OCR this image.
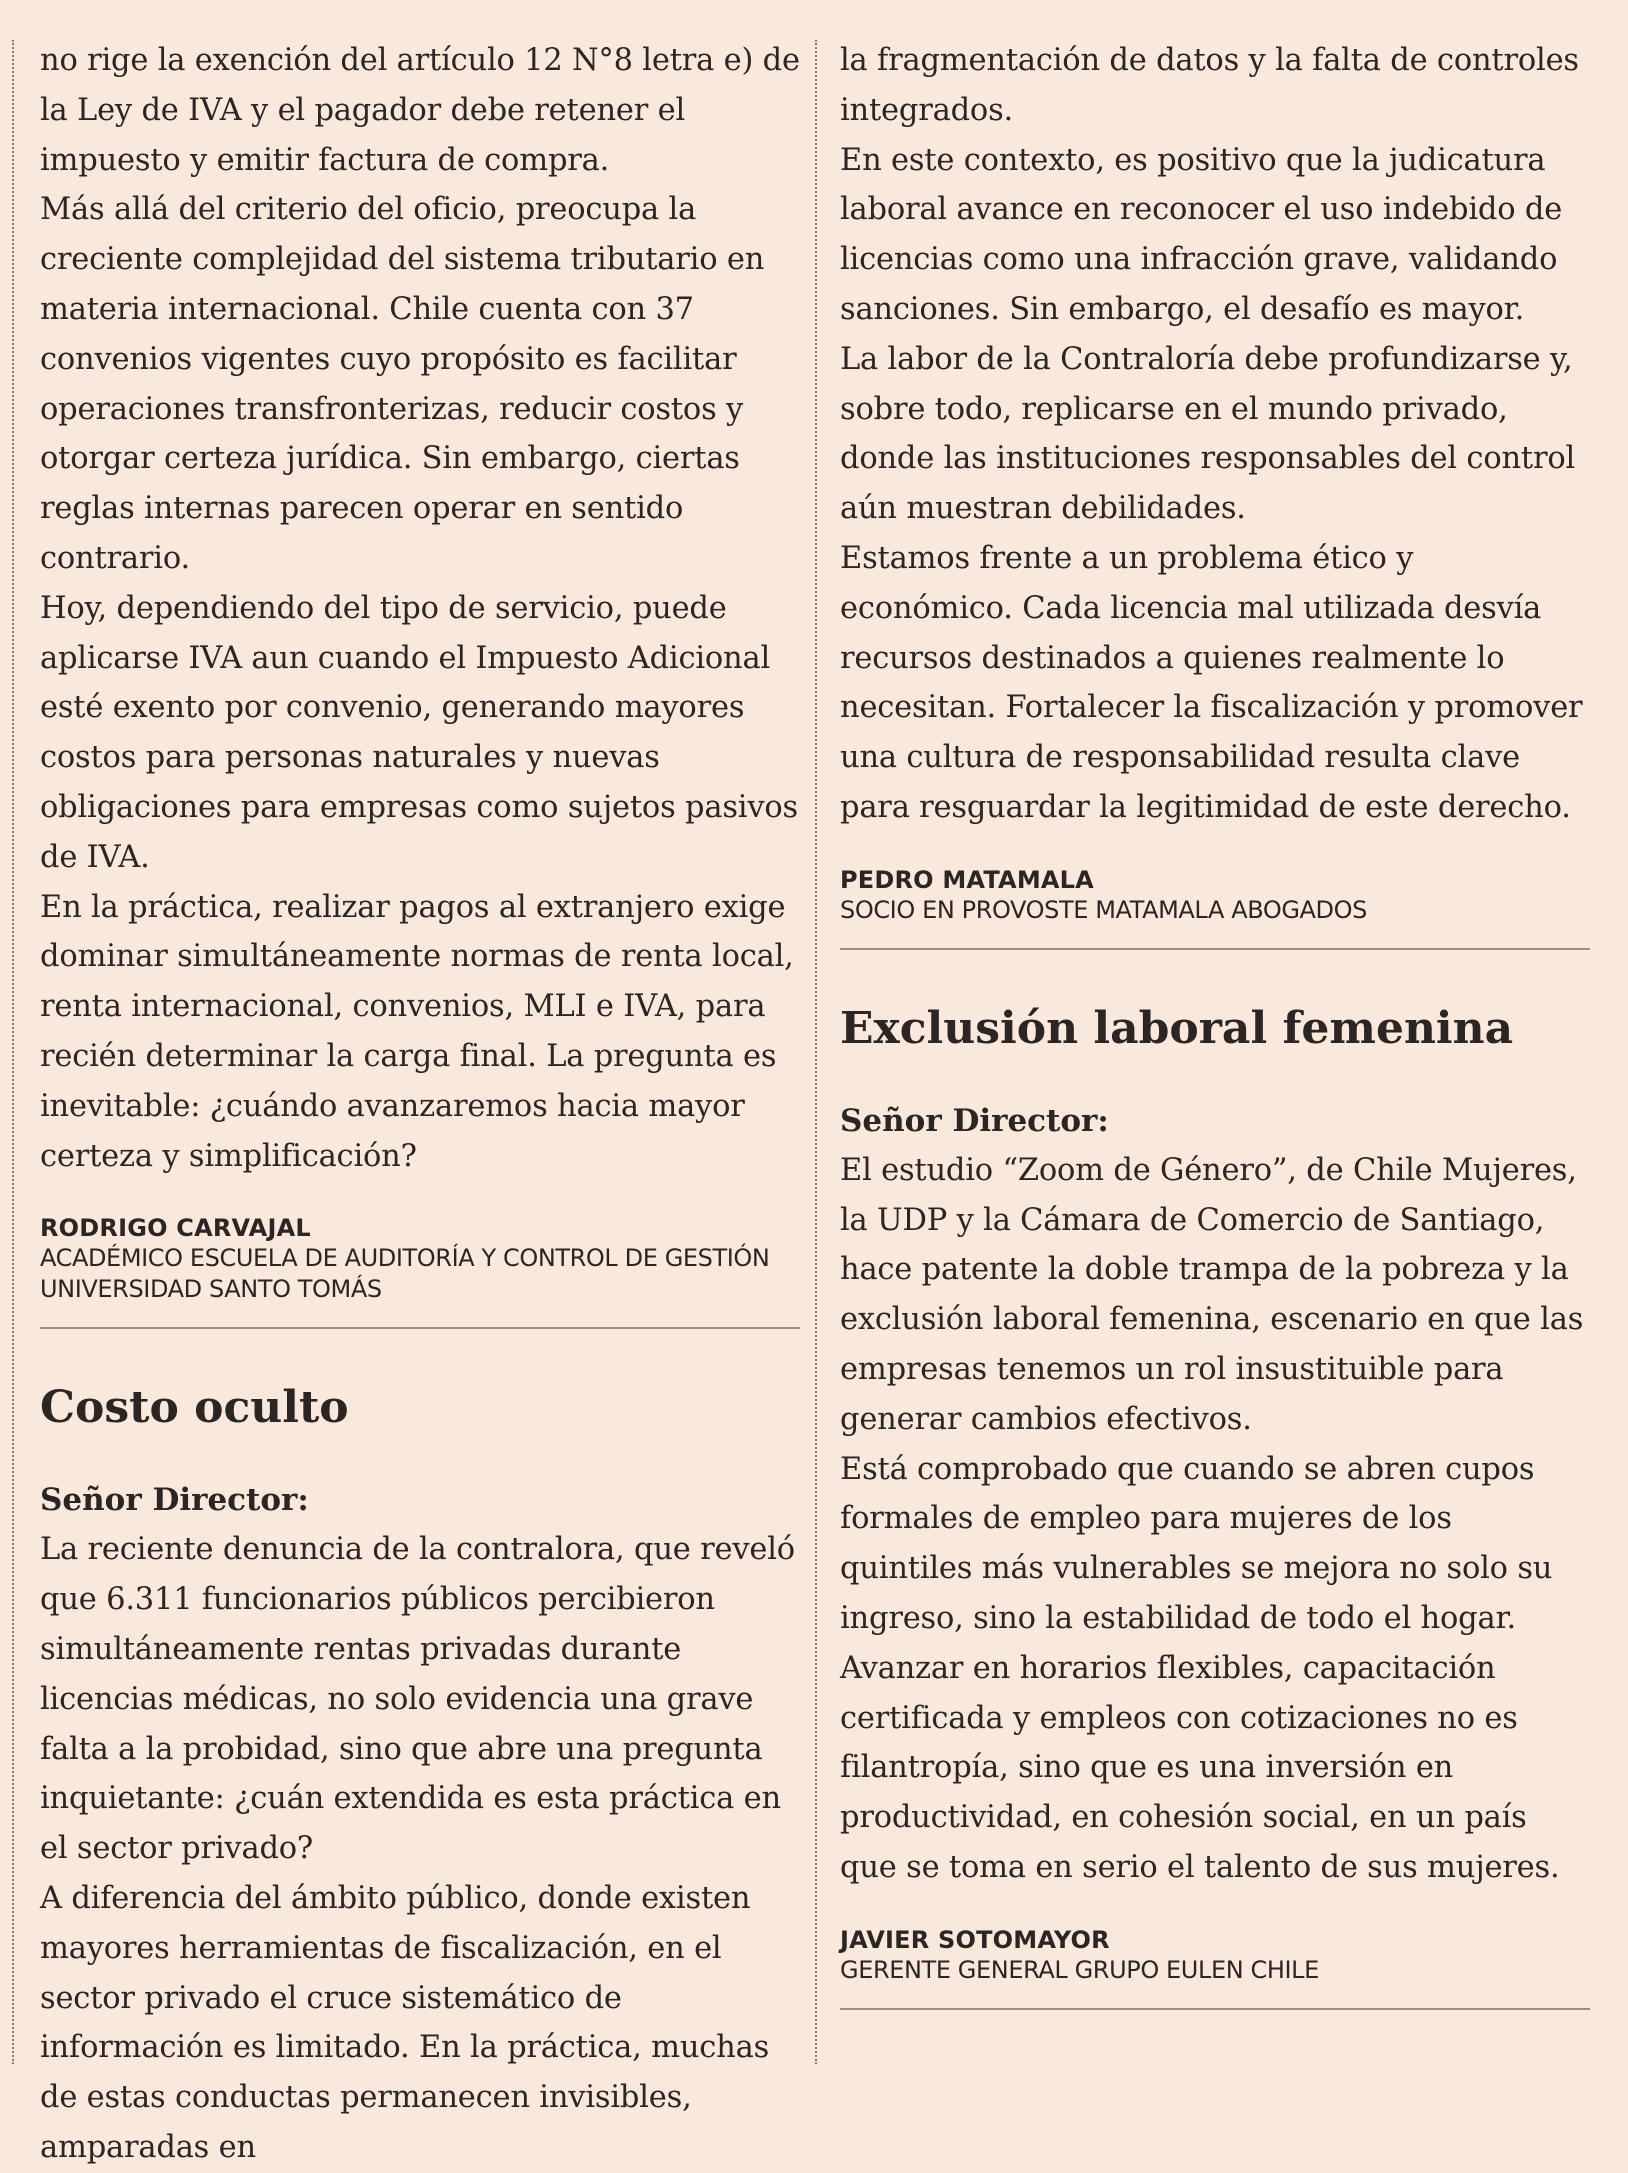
no rige la exención del artículo 12 N°8 letra e) de la Ley de IVA y el pagador debe retener el impuesto y emitir factura de compra.
Más allá del criterio del oficio, preocupa la creciente complejidad del sistema tributario en materia internacional. Chile cuenta con 37 convenios vigentes cuyo propósito es facilitar operaciones transfronterizas, reducir costos y otorgar certeza jurídica. Sin embargo, ciertas reglas internas parecen operar en sentido contrario.
Hoy, dependiendo del tipo de servicio, puede aplicarse IVA aun cuando el Impuesto Adicional esté exento por convenio, generando mayores costos para personas naturales y nuevas obligaciones para empresas como sujetos pasivos de IVA.
En la práctica, realizar pagos al extranjero exige dominar simultáneamente normas de renta local, renta internacional, convenios, MLI e IVA, para recién determinar la carga final. La pregunta es inevitable: ¿cuándo avanzaremos hacia mayor certeza y simplificación?
RODRIGO CARVAJAL
ACADÉMICO ESCUELA DE AUDITORÍA Y CONTROL DE GESTIÓN UNIVERSIDAD SANTO TOMÁS
Costo oculto
Señor Director:
La reciente denuncia de la contralora, que reveló que 6.311 funcionarios públicos percibieron simultáneamente rentas privadas durante licencias médicas, no solo evidencia una grave falta a la probidad, sino que abre una pregunta inquietante: ¿cuán extendida es esta práctica en el sector privado?
A diferencia del ámbito público, donde existen mayores herramientas de fiscalización, en el sector privado el cruce sistemático de información es limitado. En la práctica, muchas de estas conductas permanecen invisibles, amparadas en
la fragmentación de datos y la falta de controles integrados.
En este contexto, es positivo que la judicatura laboral avance en reconocer el uso indebido de licencias como una infracción grave, validando sanciones. Sin embargo, el desafío es mayor.
La labor de la Contraloría debe profundizarse y, sobre todo, replicarse en el mundo privado, donde las instituciones responsables del control aún muestran debilidades.
Estamos frente a un problema ético y económico. Cada licencia mal utilizada desvía recursos destinados a quienes realmente lo necesitan. Fortalecer la fiscalización y promover una cultura de responsabilidad resulta clave para resguardar la legitimidad de este derecho.
PEDRO MATAMALA
SOCIO EN PROVOSTE MATAMALA ABOGADOS
Exclusión laboral femenina
Señor Director:
El estudio “Zoom de Género”, de Chile Mujeres, la UDP y la Cámara de Comercio de Santiago, hace patente la doble trampa de la pobreza y la exclusión laboral femenina, escenario en que las empresas tenemos un rol insustituible para generar cambios efectivos.
Está comprobado que cuando se abren cupos formales de empleo para mujeres de los quintiles más vulnerables se mejora no solo su ingreso, sino la estabilidad de todo el hogar.
Avanzar en horarios flexibles, capacitación certificada y empleos con cotizaciones no es filantropía, sino que es una inversión en productividad, en cohesión social, en un país que se toma en serio el talento de sus mujeres.
JAVIER SOTOMAYOR
GERENTE GENERAL GRUPO EULEN CHILE
